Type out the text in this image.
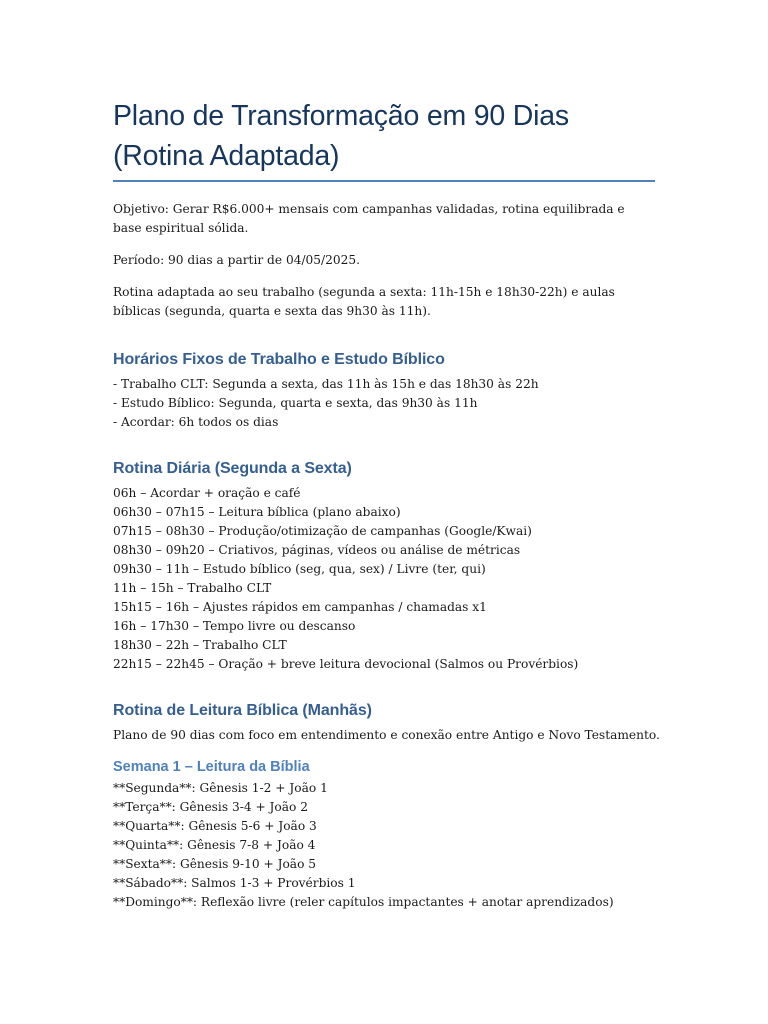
Plano de Transformação em 90 Dias
(Rotina Adaptada)

Objetivo: Gerar R$6.000+ mensais com campanhas validadas, rotina equilibrada e base espiritual sólida.

Período: 90 dias a partir de 04/05/2025.

Rotina adaptada ao seu trabalho (segunda a sexta: 11h-15h e 18h30-22h) e aulas bíblicas (segunda, quarta e sexta das 9h30 às 11h).

Horários Fixos de Trabalho e Estudo Bíblico

- Trabalho CLT: Segunda a sexta, das 11h às 15h e das 18h30 às 22h

- Estudo Bíblico: Segunda, quarta e sexta, das 9h30 às 11h

- Acordar: 6h todos os dias

Rotina Diária (Segunda a Sexta)

06h – Acordar + oração e café

06h30 – 07h15 – Leitura bíblica (plano abaixo)

07h15 – 08h30 – Produção/otimização de campanhas (Google/Kwai)

08h30 – 09h20 – Criativos, páginas, vídeos ou análise de métricas

09h30 – 11h – Estudo bíblico (seg, qua, sex) / Livre (ter, qui)

11h – 15h – Trabalho CLT

15h15 – 16h – Ajustes rápidos em campanhas / chamadas x1

16h – 17h30 – Tempo livre ou descanso

18h30 – 22h – Trabalho CLT

22h15 – 22h45 – Oração + breve leitura devocional (Salmos ou Provérbios)

Rotina de Leitura Bíblica (Manhãs)

Plano de 90 dias com foco em entendimento e conexão entre Antigo e Novo Testamento.

Semana 1 – Leitura da Bíblia

**Segunda**: Gênesis 1-2 + João 1

**Terça**: Gênesis 3-4 + João 2

**Quarta**: Gênesis 5-6 + João 3

**Quinta**: Gênesis 7-8 + João 4

**Sexta**: Gênesis 9-10 + João 5

**Sábado**: Salmos 1-3 + Provérbios 1

**Domingo**: Reflexão livre (reler capítulos impactantes + anotar aprendizados)
